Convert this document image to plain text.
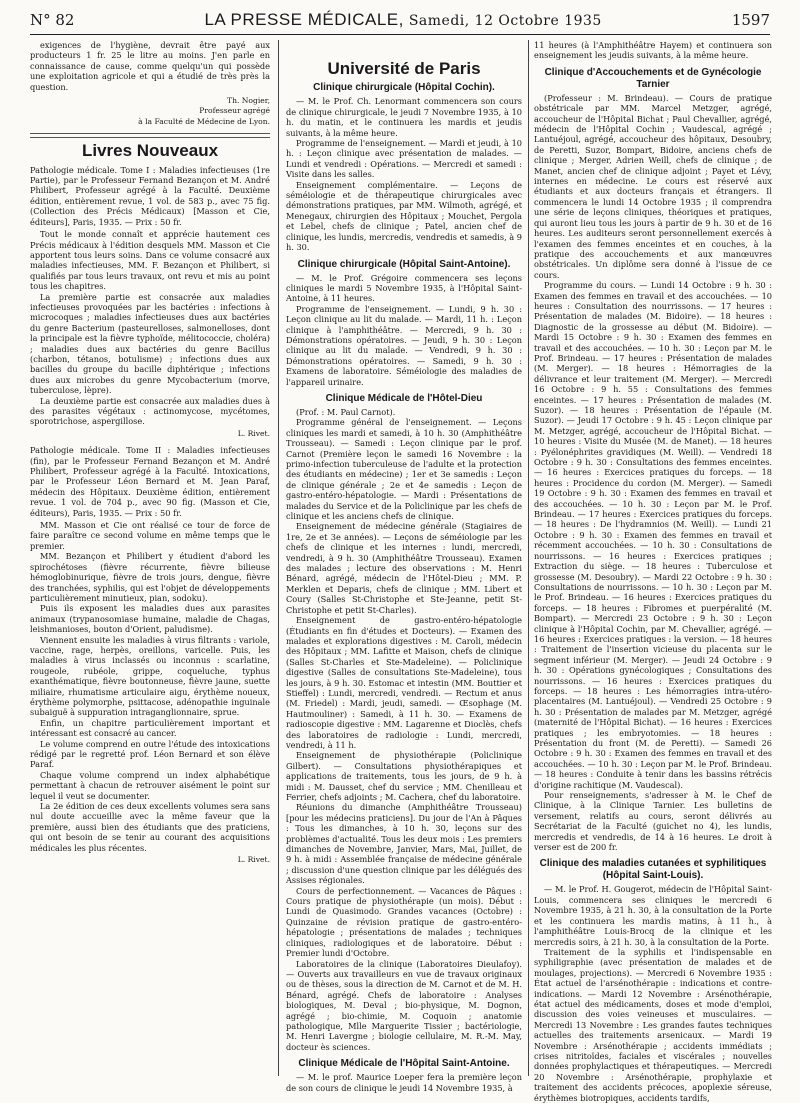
N° 82	LA PRESSE MÉDICALE, Samedi, 12 Octobre 1935	1597

exigences de l'hygiène, devrait être payé aux producteurs 1 fr. 25 le litre au moins. J'en parle en connaissance de cause, comme quelqu'un qui possède une exploitation agricole et qui a étudié de très près la question.

Th. Nogier,

Professeur agrégé

à la Faculté de Médecine de Lyon.

Livres Nouveaux

Pathologie médicale. Tome I : Maladies infectieuses (1re Partie), par le Professeur Fernand Bezançon et M. André Philibert, Professeur agrégé à la Faculté. Deuxième édition, entièrement revue, 1 vol. de 583 p., avec 75 fig. (Collection des Précis Médicaux) [Masson et Cie, éditeurs], Paris, 1935. — Prix : 50 fr.

Tout le monde connaît et apprécie hautement ces Précis médicaux à l'édition desquels MM. Masson et Cie apportent tous leurs soins. Dans ce volume consacré aux maladies infectieuses, MM. F. Bezançon et Philibert, si qualifiés par tous leurs travaux, ont revu et mis au point tous les chapitres.

La première partie est consacrée aux maladies infectieuses provoquées par les bactéries : infections à microcoques ; maladies infectieuses dues aux bactéries du genre Bacterium (pasteurelloses, salmonelloses, dont la principale est la fièvre typhoïde, mélitococcie, choléra) ; maladies dues aux bactéries du genre Bacillus (charbon, tétanos, botulisme) ; infections dues aux bacilles du groupe du bacille diphtérique ; infections dues aux microbes du genre Mycobacterium (morve, tuberculose, lèpre).

La deuxième partie est consacrée aux maladies dues à des parasites végétaux : actinomycose, mycétomes, sporotrichose, aspergillose.

L. Rivet.

Pathologie médicale. Tome II : Maladies infectieuses (fin), par le Professeur Fernand Bezançon et M. André Philibert, Professeur agrégé à la Faculté. Intoxications, par le Professeur Léon Bernard et M. Jean Paraf, médecin des Hôpitaux. Deuxième édition, entièrement revue. 1 vol. de 704 p., avec 90 fig. (Masson et Cie, éditeurs), Paris, 1935. — Prix : 50 fr.

MM. Masson et Cie ont réalisé ce tour de force de faire paraître ce second volume en même temps que le premier.

MM. Bezançon et Philibert y étudient d'abord les spirochétoses (fièvre récurrente, fièvre bilieuse hémoglobinurique, fièvre de trois jours, dengue, fièvre des tranchées, syphilis, qui est l'objet de développements particulièrement minutieux, pian, sodoku).

Puis ils exposent les maladies dues aux parasites animaux (trypanosomiase humaine, maladie de Chagas, leishmanioses, bouton d'Orient, paludisme).

Viennent ensuite les maladies à virus filtrants : variole, vaccine, rage, herpès, oreillons, varicelle. Puis, les maladies à virus inclassés ou inconnus : scarlatine, rougeole, rubéole, grippe, coqueluche, typhus exanthématique, fièvre boutonneuse, fièvre jaune, suette miliaire, rhumatisme articulaire aigu, érythème noueux, érythème polymorphe, psittacose, adénopathie inguinale subaiguë à suppuration intraganglionnaire, sprue.

Enfin, un chapitre particulièrement important et intéressant est consacré au cancer.

Le volume comprend en outre l'étude des intoxications rédigé par le regretté prof. Léon Bernard et son élève Paraf.

Chaque volume comprend un index alphabétique permettant à chacun de retrouver aisément le point sur lequel il veut se documenter.

La 2e édition de ces deux excellents volumes sera sans nul doute accueillie avec la même faveur que la première, aussi bien des étudiants que des praticiens, qui ont besoin de se tenir au courant des acquisitions médicales les plus récentes.

L. Rivet.

Université de Paris
Clinique chirurgicale (Hôpital Cochin).

— M. le Prof. Ch. Lenormant commencera son cours de clinique chirurgicale, le jeudi 7 Novembre 1935, à 10 h. du matin, et le continuera les mardis et jeudis suivants, à la même heure.

Programme de l'enseignement. — Mardi et jeudi, à 10 h. : Leçon clinique avec présentation de malades. — Lundi et vendredi : Opérations. — Mercredi et samedi : Visite dans les salles.

Enseignement complémentaire. — Leçons de séméiologie et de thérapeutique chirurgicales avec démonstrations pratiques, par MM. Wilmoth, agrégé, et Menegaux, chirurgien des Hôpitaux ; Mouchet, Pergola et Lebel, chefs de clinique ; Patel, ancien chef de clinique, les lundis, mercredis, vendredis et samedis, à 9 h. 30.

Clinique chirurgicale (Hôpital Saint-Antoine).

— M. le Prof. Grégoire commencera ses leçons cliniques le mardi 5 Novembre 1935, à l'Hôpital Saint-Antoine, à 11 heures.

Programme de l'enseignement. — Lundi, 9 h. 30 : Leçon clinique au lit du malade. — Mardi, 11 h. : Leçon clinique à l'amphithéâtre. — Mercredi, 9 h. 30 : Démonstrations opératoires. — Jeudi, 9 h. 30 : Leçon clinique au lit du malade. — Vendredi, 9 h. 30 : Démonstrations opératoires. — Samedi, 9 h. 30 : Examens de laboratoire. Séméiologie des maladies de l'appareil urinaire.

Clinique Médicale de l'Hôtel-Dieu

(Prof. : M. Paul Carnot).

Programme général de l'enseignement. — Leçons cliniques les mardi et samedi, à 10 h. 30 (Amphithéâtre Trousseau). — Samedi : Leçon clinique par le prof. Carnot (Première leçon le samedi 16 Novembre : la primo-infection tuberculeuse de l'adulte et la protection des étudiants en médecine) ; 1er et 3e samedis : Leçon de clinique générale ; 2e et 4e samedis : Leçon de gastro-entéro-hépatologie. — Mardi : Présentations de malades du Service et de la Policlinique par les chefs de clinique et les anciens chefs de clinique.

Enseignement de médecine générale (Stagiaires de 1re, 2e et 3e années). — Leçons de séméiologie par les chefs de clinique et les internes : lundi, mercredi, vendredi, à 9 h. 30 (Amphithéâtre Trousseau). Examen des malades ; lecture des observations : M. Henri Bénard, agrégé, médecin de l'Hôtel-Dieu ; MM. P. Merklen et Deparis, chefs de clinique ; MM. Libert et Coury (Salles St-Christophe et Ste-Jeanne, petit St-Christophe et petit St-Charles).

Enseignement de gastro-entéro-hépatologie (Étudiants en fin d'études et Docteurs). — Examen des malades et explorations digestives : M. Caroli, médecin des Hôpitaux ; MM. Lafitte et Maison, chefs de clinique (Salles St-Charles et Ste-Madeleine). — Policlinique digestive (Salles de consultations Ste-Madeleine), tous les jours, à 9 h. 30. Estomac et intestin (MM. Bouttier et Stieffel) : Lundi, mercredi, vendredi. — Rectum et anus (M. Friedel) : Mardi, jeudi, samedi. — Œsophage (M. Hautmouliner) : Samedi, à 11 h. 30. — Examens de radioscopie digestive : MM. Lagarenne et Dioclès, chefs des laboratoires de radiologie : Lundi, mercredi, vendredi, à 11 h.

Enseignement de physiothérapie (Policlinique Gilbert). — Consultations physiothérapiques et applications de traitements, tous les jours, de 9 h. à midi : M. Dausset, chef du service ; MM. Chenilleau et Ferrier, chefs adjoints ; M. Cachera, chef du laboratoire.

Réunions du dimanche (Amphithéâtre Trousseau) [pour les médecins praticiens]. Du jour de l'An à Pâques : Tous les dimanches, à 10 h. 30, leçons sur des problèmes d'actualité. Tous les deux mois : Les premiers dimanches de Novembre, Janvier, Mars, Mai, Juillet, de 9 h. à midi : Assemblée française de médecine générale ; discussion d'une question clinique par les délégués des Assises régionales.

Cours de perfectionnement. — Vacances de Pâques : Cours pratique de physiothérapie (un mois). Début : Lundi de Quasimodo. Grandes vacances (Octobre) : Quinzaine de révision pratique de gastro-entéro-hépatologie ; présentations de malades ; techniques cliniques, radiologiques et de laboratoire. Début : Premier lundi d'Octobre.

Laboratoires de la clinique (Laboratoires Dieulafoy). — Ouverts aux travailleurs en vue de travaux originaux ou de thèses, sous la direction de M. Carnot et de M. H. Bénard, agrégé. Chefs de laboratoire : Analyses biologiques, M. Deval ; bio-physique, M. Dognon, agrégé ; bio-chimie, M. Coquoin ; anatomie pathologique, Mlle Marguerite Tissier ; bactériologie, M. Henri Lavergne ; biologie cellulaire, M. R.-M. May, docteur ès sciences.

Clinique Médicale de l'Hôpital Saint-Antoine.

— M. le prof. Maurice Loeper fera la première leçon de son cours de clinique le jeudi 14 Novembre 1935, à

11 heures (à l'Amphithéâtre Hayem) et continuera son enseignement les jeudis suivants, à la même heure.

Clinique d'Accouchements et de Gynécologie Tarnier

(Professeur : M. Brindeau). — Cours de pratique obstétricale par MM. Marcel Metzger, agrégé, accoucheur de l'Hôpital Bichat ; Paul Chevallier, agrégé, médecin de l'Hôpital Cochin ; Vaudescal, agrégé ; Lantuéjoul, agrégé, accoucheur des hôpitaux, Desoubry, de Peretti, Suzor, Bompart, Bidoire, anciens chefs de clinique ; Merger, Adrien Weill, chefs de clinique ; de Manet, ancien chef de clinique adjoint ; Payet et Lévy, internes en médecine. Le cours est réservé aux étudiants et aux docteurs français et étrangers. Il commencera le lundi 14 Octobre 1935 ; il comprendra une série de leçons cliniques, théoriques et pratiques, qui auront lieu tous les jours à partir de 9 h. 30 et de 16 heures. Les auditeurs seront personnellement exercés à l'examen des femmes enceintes et en couches, à la pratique des accouchements et aux manœuvres obstétricales. Un diplôme sera donné à l'issue de ce cours.

Programme du cours. — Lundi 14 Octobre : 9 h. 30 : Examen des femmes en travail et des accouchées. — 10 heures : Consultation des nourrissons. — 17 heures : Présentation de malades (M. Bidoire). — 18 heures : Diagnostic de la grossesse au début (M. Bidoire). — Mardi 15 Octobre : 9 h. 30 : Examen des femmes en travail et des accouchées. — 10 h. 30 : Leçon par M. le Prof. Brindeau. — 17 heures : Présentation de malades (M. Merger). — 18 heures : Hémorragies de la délivrance et leur traitement (M. Merger). — Mercredi 16 Octobre : 9 h. 55 : Consultations des femmes enceintes. — 17 heures : Présentation de malades (M. Suzor). — 18 heures : Présentation de l'épaule (M. Suzor). — Jeudi 17 Octobre : 9 h. 45 : Leçon clinique par M. Metzger, agrégé, accoucheur de l'Hôpital Bichat. — 10 heures : Visite du Musée (M. de Manet). — 18 heures : Pyélonéphrites gravidiques (M. Weill). — Vendredi 18 Octobre : 9 h. 30 : Consultations des femmes enceintes. — 16 heures : Exercices pratiques du forceps. — 18 heures : Procidence du cordon (M. Merger). — Samedi 19 Octobre : 9 h. 30 : Examen des femmes en travail et des accouchées. — 10 h. 30 : Leçon par M. le Prof. Brindeau. — 17 heures : Exercices pratiques du forceps. — 18 heures : De l'hydramnios (M. Weill). — Lundi 21 Octobre : 9 h. 30 : Examen des femmes en travail et récemment accouchées. — 10 h. 30 : Consultations de nourrissons. — 16 heures : Exercices pratiques ; Extraction du siège. — 18 heures : Tuberculose et grossesse (M. Desoubry). — Mardi 22 Octobre : 9 h. 30 : Consultations de nourrissons. — 10 h. 30 : Leçon par M. le Prof. Brindeau. — 16 heures : Exercices pratiques du forceps. — 18 heures : Fibromes et puerpéralité (M. Bompart). — Mercredi 23 Octobre : 9 h. 30 : Leçon clinique à l'Hôpital Cochin, par M. Chevallier, agrégé. — 16 heures : Exercices pratiques : la version. — 18 heures : Traitement de l'insertion vicieuse du placenta sur le segment inférieur (M. Merger). — Jeudi 24 Octobre : 9 h. 30 : Opérations gynécologiques ; Consultations des nourrissons. — 16 heures : Exercices pratiques du forceps. — 18 heures : Les hémorragies intra-utéro-placentaires (M. Lantuéjoul). — Vendredi 25 Octobre : 9 h. 30 : Présentation de malades par M. Metzger, agrégé (maternité de l'Hôpital Bichat). — 16 heures : Exercices pratiques ; les embryotomies. — 18 heures : Présentation du front (M. de Peretti). — Samedi 26 Octobre : 9 h. 30 : Examen des femmes en travail et des accouchées. — 10 h. 30 : Leçon par M. le Prof. Brindeau. — 18 heures : Conduite à tenir dans les bassins rétrécis d'origine rachitique (M. Vaudescal).

Pour renseignements, s'adresser à M. le Chef de Clinique, à la Clinique Tarnier. Les bulletins de versement, relatifs au cours, seront délivrés au Secrétariat de la Faculté (guichet no 4), les lundis, mercredis et vendredis, de 14 à 16 heures. Le droit à verser est de 200 fr.

Clinique des maladies cutanées et syphilitiques (Hôpital Saint-Louis).

— M. le Prof. H. Gougerot, médecin de l'Hôpital Saint-Louis, commencera ses cliniques le mercredi 6 Novembre 1935, à 21 h. 30, à la consultation de la Porte et les continuera les mardis matins, à 11 h., à l'amphithéâtre Louis-Brocq de la clinique et les mercredis soirs, à 21 h. 30, à la consultation de la Porte.

Traitement de la syphilis et l'indispensable en syphiligraphie (avec présentation de malades et de moulages, projections). — Mercredi 6 Novembre 1935 : État actuel de l'arsénothérapie : indications et contre-indications. — Mardi 12 Novembre : Arsénothérapie, état actuel des médicaments, doses et mode d'emploi, discussion des voies veineuses et musculaires. — Mercredi 13 Novembre : Les grandes fautes techniques actuelles des traitements arsenicaux. — Mardi 19 Novembre : Arsénothérapie ; accidents immédiats ; crises nitritoïdes, faciales et viscérales ; nouvelles données prophylactiques et thérapeutiques. — Mercredi 20 Novembre : Arsénothérapie, prophylaxie et traitement des accidents précoces, apoplexie séreuse, érythèmes biotropiques, accidents tardifs,
